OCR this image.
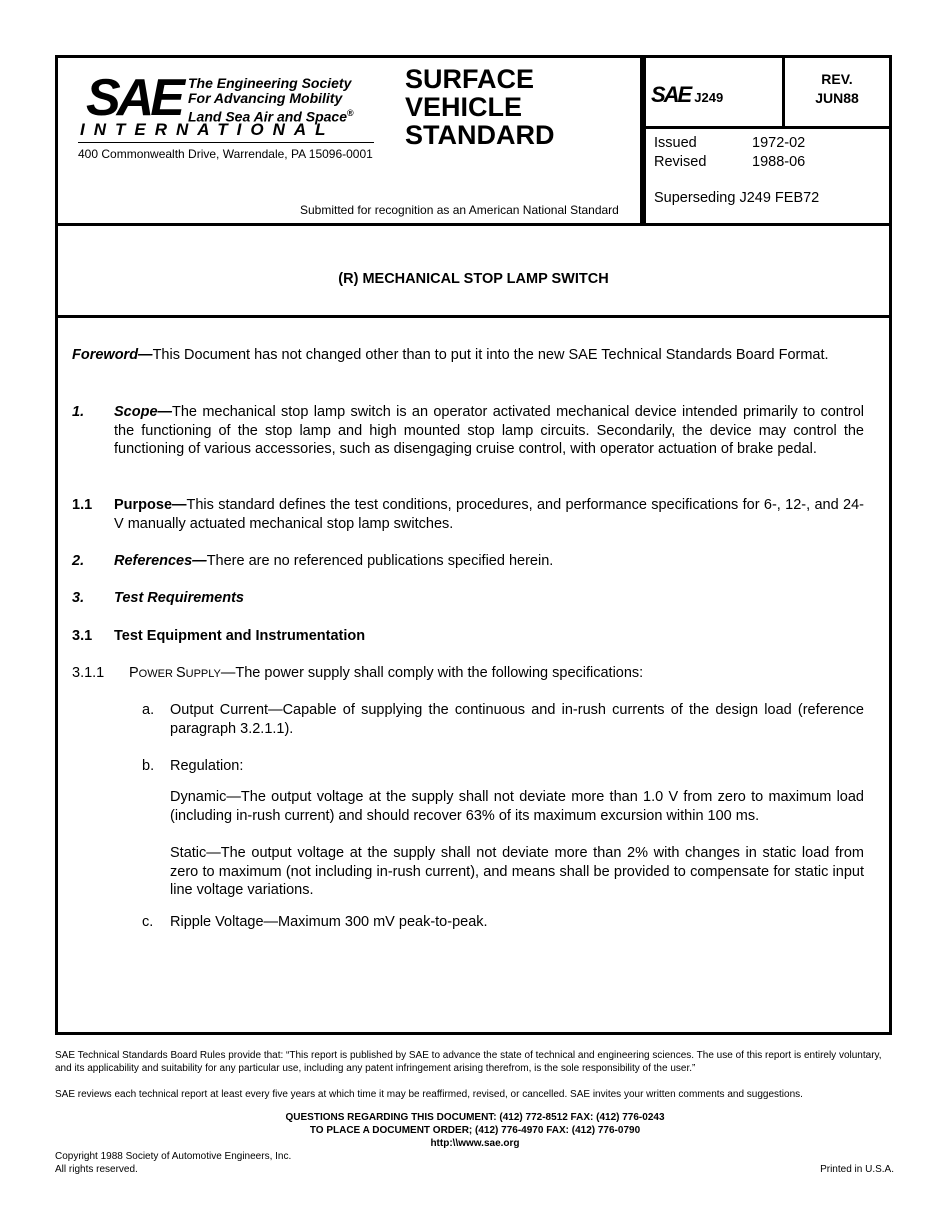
SAE The Engineering Society
For Advancing Mobility
Land Sea Air and Space®
INTERNATIONAL
400 Commonwealth Drive, Warrendale, PA 15096-0001
SURFACE
VEHICLE
STANDARD
Submitted for recognition as an American National Standard
SAE J249
REV.
JUN88
Issued	1972-02
Revised	1988-06
Superseding J249 FEB72
(R) MECHANICAL STOP LAMP SWITCH
Foreword—This Document has not changed other than to put it into the new SAE Technical Standards Board Format.
1. Scope—The mechanical stop lamp switch is an operator activated mechanical device intended primarily to control the functioning of the stop lamp and high mounted stop lamp circuits. Secondarily, the device may control the functioning of various accessories, such as disengaging cruise control, with operator actuation of brake pedal.
1.1 Purpose—This standard defines the test conditions, procedures, and performance specifications for 6-, 12-, and 24-V manually actuated mechanical stop lamp switches.
2. References—There are no referenced publications specified herein.
3. Test Requirements
3.1 Test Equipment and Instrumentation
3.1.1 POWER SUPPLY—The power supply shall comply with the following specifications:
a. Output Current—Capable of supplying the continuous and in-rush currents of the design load (reference paragraph 3.2.1.1).
b. Regulation:
Dynamic—The output voltage at the supply shall not deviate more than 1.0 V from zero to maximum load (including in-rush current) and should recover 63% of its maximum excursion within 100 ms.
Static—The output voltage at the supply shall not deviate more than 2% with changes in static load from zero to maximum (not including in-rush current), and means shall be provided to compensate for static input line voltage variations.
c. Ripple Voltage—Maximum 300 mV peak-to-peak.
SAE Technical Standards Board Rules provide that: “This report is published by SAE to advance the state of technical and engineering sciences. The use of this report is entirely voluntary, and its applicability and suitability for any particular use, including any patent infringement arising therefrom, is the sole responsibility of the user.”
SAE reviews each technical report at least every five years at which time it may be reaffirmed, revised, or cancelled. SAE invites your written comments and suggestions.
QUESTIONS REGARDING THIS DOCUMENT: (412) 772-8512 FAX: (412) 776-0243
TO PLACE A DOCUMENT ORDER; (412) 776-4970 FAX: (412) 776-0790
http:\\www.sae.org
Copyright 1988 Society of Automotive Engineers, Inc.
All rights reserved.	Printed in U.S.A.
